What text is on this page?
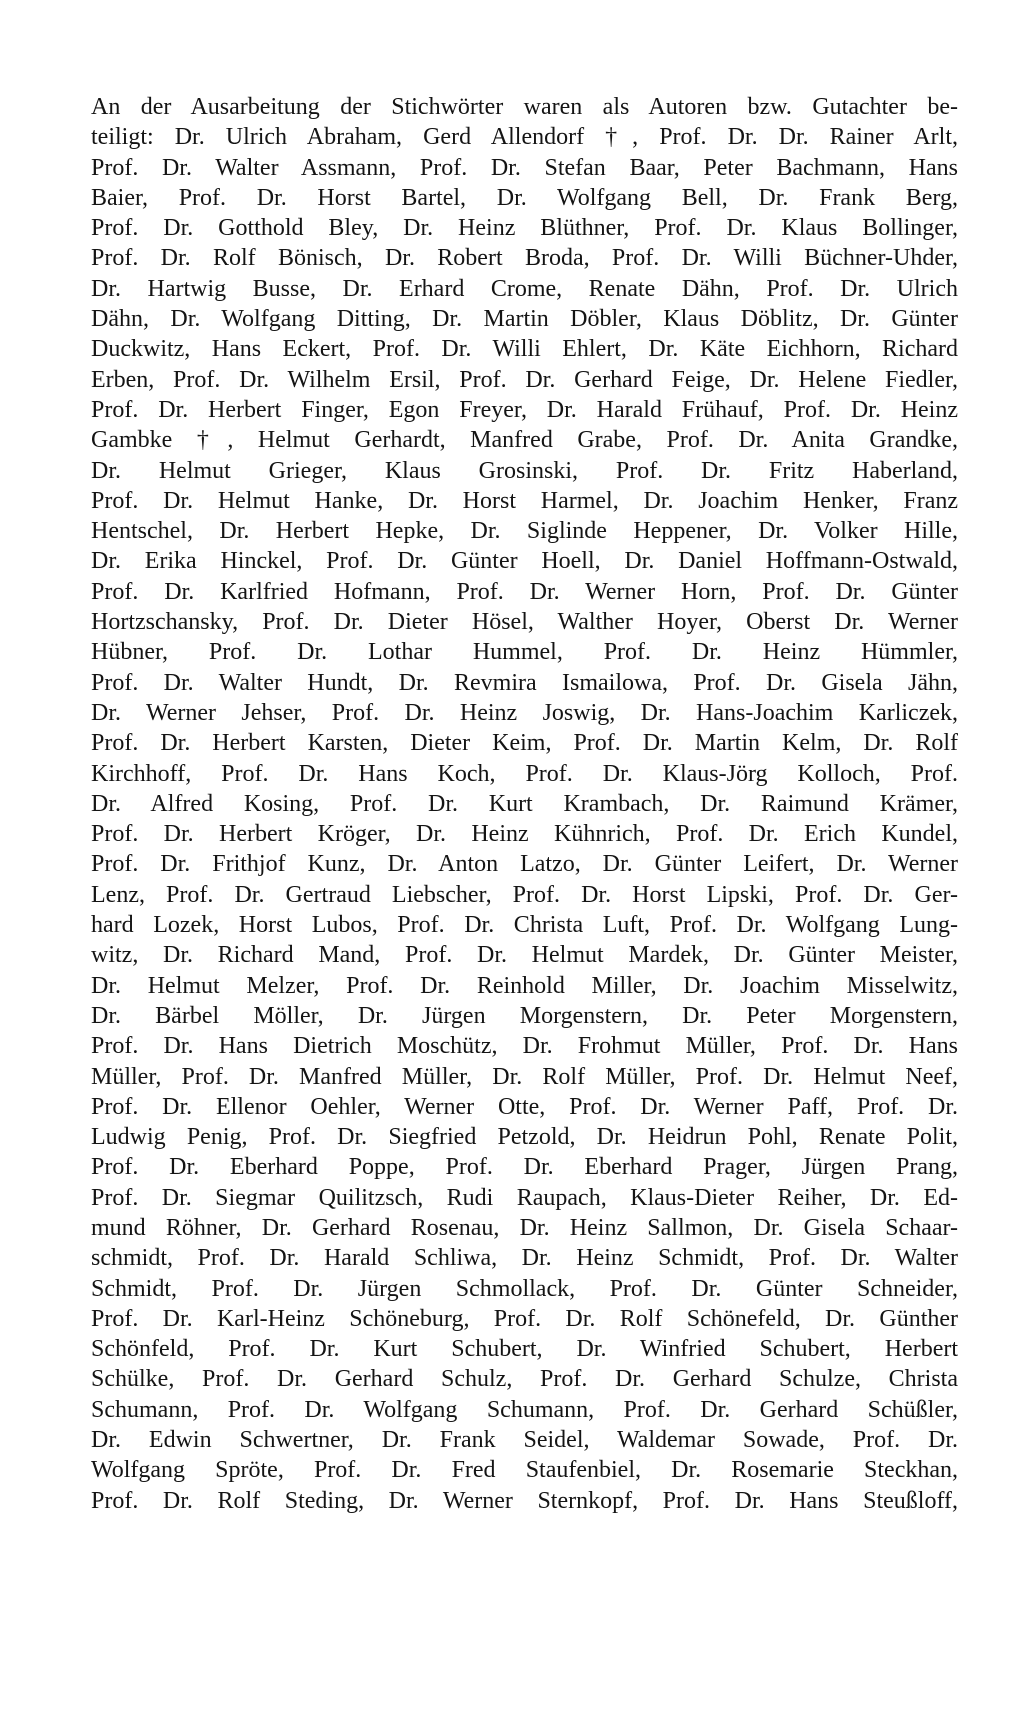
An der Ausarbeitung der Stichwörter waren als Autoren bzw. Gutachter be-
teiligt: Dr. Ulrich Abraham, Gerd Allendorf †, Prof. Dr. Dr. Rainer Arlt,
Prof. Dr. Walter Assmann, Prof. Dr. Stefan Baar, Peter Bachmann, Hans
Baier, Prof. Dr. Horst Bartel, Dr. Wolfgang Bell, Dr. Frank Berg,
Prof. Dr. Gotthold Bley, Dr. Heinz Blüthner, Prof. Dr. Klaus Bollinger,
Prof. Dr. Rolf Bönisch, Dr. Robert Broda, Prof. Dr. Willi Büchner-Uhder,
Dr. Hartwig Busse, Dr. Erhard Crome, Renate Dähn, Prof. Dr. Ulrich
Dähn, Dr. Wolfgang Ditting, Dr. Martin Döbler, Klaus Döblitz, Dr. Günter
Duckwitz, Hans Eckert, Prof. Dr. Willi Ehlert, Dr. Käte Eichhorn, Richard
Erben, Prof. Dr. Wilhelm Ersil, Prof. Dr. Gerhard Feige, Dr. Helene Fiedler,
Prof. Dr. Herbert Finger, Egon Freyer, Dr. Harald Frühauf, Prof. Dr. Heinz
Gambke †, Helmut Gerhardt, Manfred Grabe, Prof. Dr. Anita Grandke,
Dr. Helmut Grieger, Klaus Grosinski, Prof. Dr. Fritz Haberland,
Prof. Dr. Helmut Hanke, Dr. Horst Harmel, Dr. Joachim Henker, Franz
Hentschel, Dr. Herbert Hepke, Dr. Siglinde Heppener, Dr. Volker Hille,
Dr. Erika Hinckel, Prof. Dr. Günter Hoell, Dr. Daniel Hoffmann-Ostwald,
Prof. Dr. Karlfried Hofmann, Prof. Dr. Werner Horn, Prof. Dr. Günter
Hortzschansky, Prof. Dr. Dieter Hösel, Walther Hoyer, Oberst Dr. Werner
Hübner, Prof. Dr. Lothar Hummel, Prof. Dr. Heinz Hümmler,
Prof. Dr. Walter Hundt, Dr. Revmira Ismailowa, Prof. Dr. Gisela Jähn,
Dr. Werner Jehser, Prof. Dr. Heinz Joswig, Dr. Hans-Joachim Karliczek,
Prof. Dr. Herbert Karsten, Dieter Keim, Prof. Dr. Martin Kelm, Dr. Rolf
Kirchhoff, Prof. Dr. Hans Koch, Prof. Dr. Klaus-Jörg Kolloch, Prof.
Dr. Alfred Kosing, Prof. Dr. Kurt Krambach, Dr. Raimund Krämer,
Prof. Dr. Herbert Kröger, Dr. Heinz Kühnrich, Prof. Dr. Erich Kundel,
Prof. Dr. Frithjof Kunz, Dr. Anton Latzo, Dr. Günter Leifert, Dr. Werner
Lenz, Prof. Dr. Gertraud Liebscher, Prof. Dr. Horst Lipski, Prof. Dr. Ger-
hard Lozek, Horst Lubos, Prof. Dr. Christa Luft, Prof. Dr. Wolfgang Lung-
witz, Dr. Richard Mand, Prof. Dr. Helmut Mardek, Dr. Günter Meister,
Dr. Helmut Melzer, Prof. Dr. Reinhold Miller, Dr. Joachim Misselwitz,
Dr. Bärbel Möller, Dr. Jürgen Morgenstern, Dr. Peter Morgenstern,
Prof. Dr. Hans Dietrich Moschütz, Dr. Frohmut Müller, Prof. Dr. Hans
Müller, Prof. Dr. Manfred Müller, Dr. Rolf Müller, Prof. Dr. Helmut Neef,
Prof. Dr. Ellenor Oehler, Werner Otte, Prof. Dr. Werner Paff, Prof. Dr.
Ludwig Penig, Prof. Dr. Siegfried Petzold, Dr. Heidrun Pohl, Renate Polit,
Prof. Dr. Eberhard Poppe, Prof. Dr. Eberhard Prager, Jürgen Prang,
Prof. Dr. Siegmar Quilitzsch, Rudi Raupach, Klaus-Dieter Reiher, Dr. Ed-
mund Röhner, Dr. Gerhard Rosenau, Dr. Heinz Sallmon, Dr. Gisela Schaar-
schmidt, Prof. Dr. Harald Schliwa, Dr. Heinz Schmidt, Prof. Dr. Walter
Schmidt, Prof. Dr. Jürgen Schmollack, Prof. Dr. Günter Schneider,
Prof. Dr. Karl-Heinz Schöneburg, Prof. Dr. Rolf Schönefeld, Dr. Günther
Schönfeld, Prof. Dr. Kurt Schubert, Dr. Winfried Schubert, Herbert
Schülke, Prof. Dr. Gerhard Schulz, Prof. Dr. Gerhard Schulze, Christa
Schumann, Prof. Dr. Wolfgang Schumann, Prof. Dr. Gerhard Schüßler,
Dr. Edwin Schwertner, Dr. Frank Seidel, Waldemar Sowade, Prof. Dr.
Wolfgang Spröte, Prof. Dr. Fred Staufenbiel, Dr. Rosemarie Steckhan,
Prof. Dr. Rolf Steding, Dr. Werner Sternkopf, Prof. Dr. Hans Steußloff,
